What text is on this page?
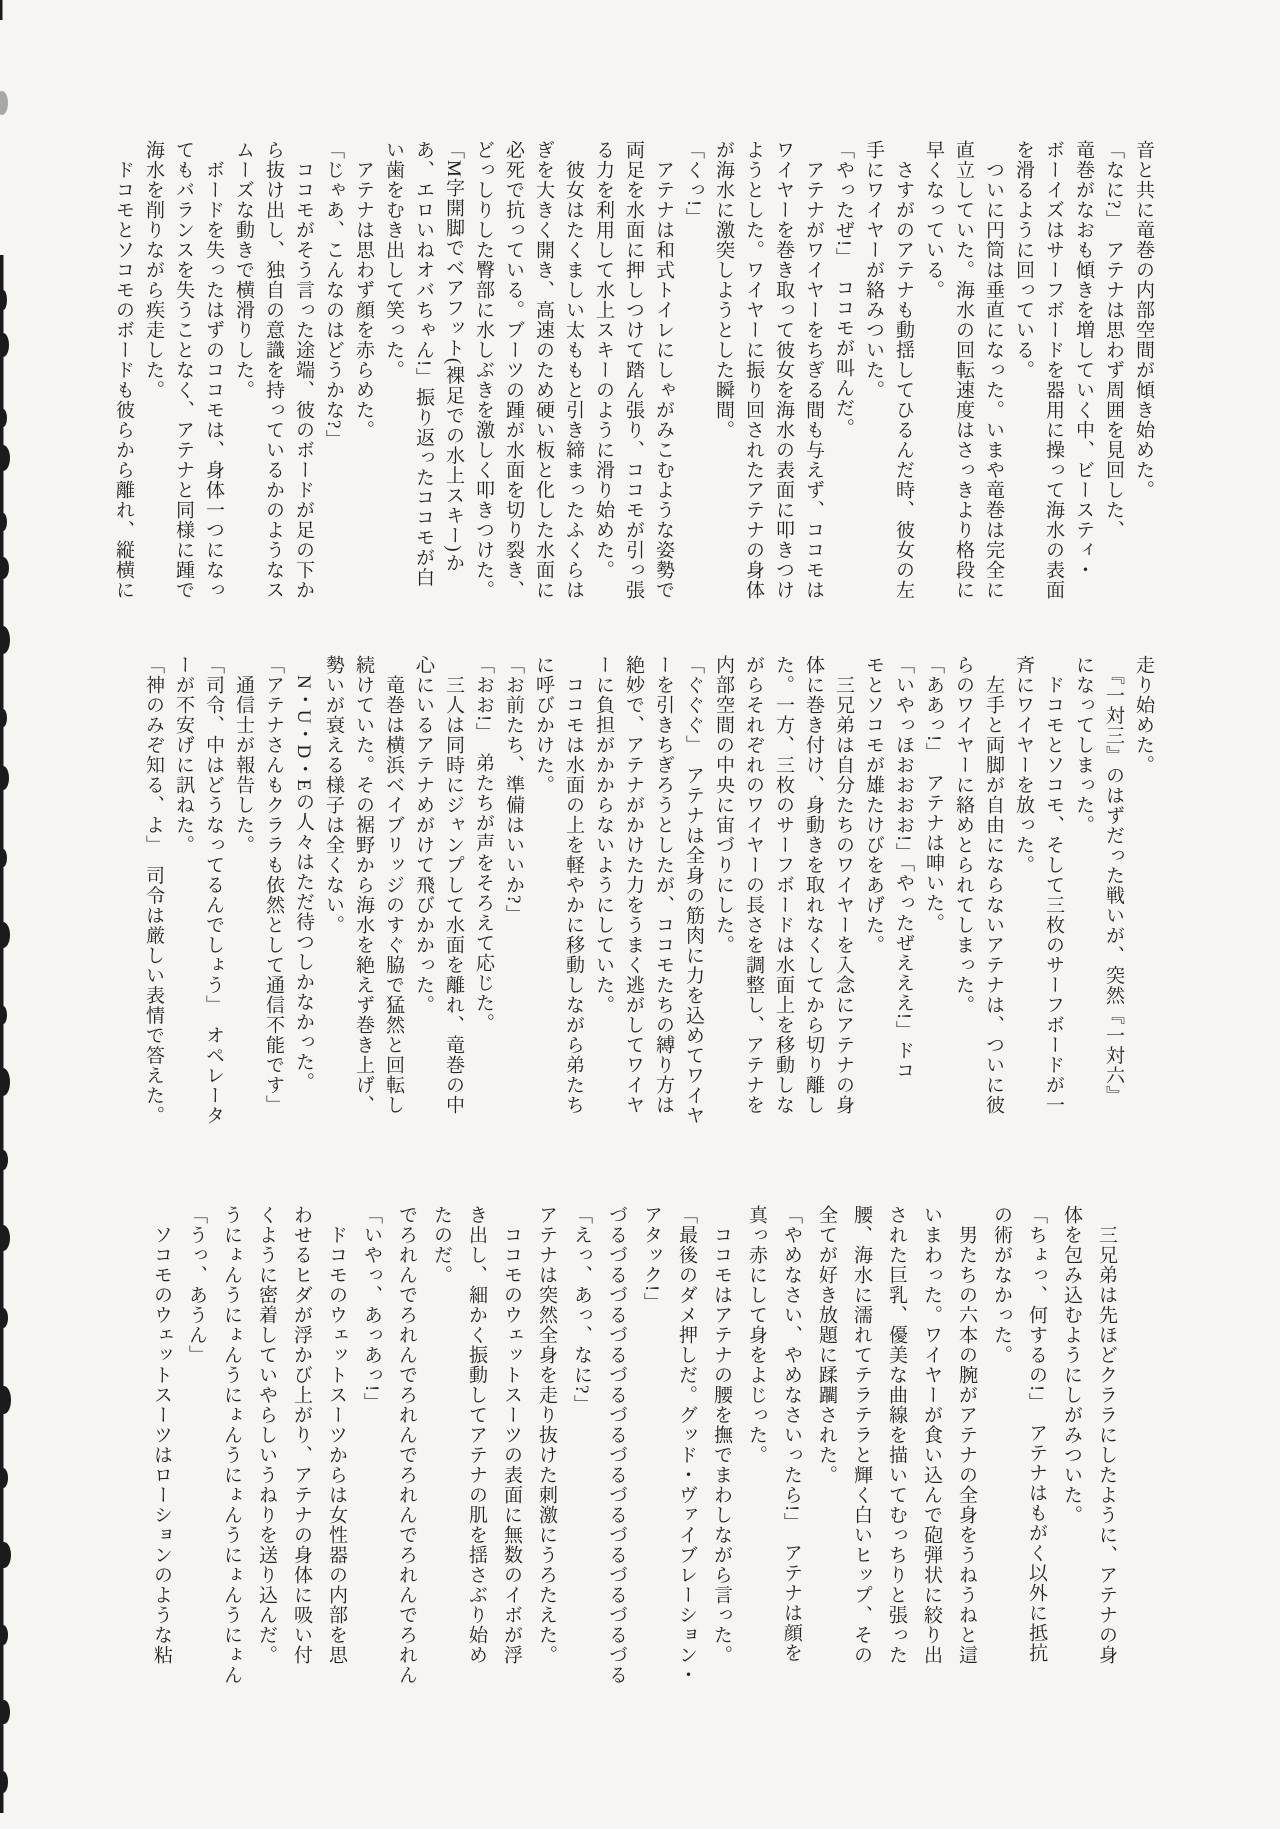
音と共に竜巻の内部空間が傾き始めた。

「なに?」　アテナは思わず周囲を見回した、

竜巻がなおも傾きを増していく中、ビースティ・

ボーイズはサーフボードを器用に操って海水の表面

を滑るように回っている。

　ついに円筒は垂直になった。いまや竜巻は完全に

直立していた。海水の回転速度はさっきより格段に

早くなっている。

　さすがのアテナも動揺してひるんだ時、彼女の左

手にワイヤーが絡みついた。

「やったぜ!」　ココモが叫んだ。

　アテナがワイヤーをちぎる間も与えず、ココモは

ワイヤーを巻き取って彼女を海水の表面に叩きつけ

ようとした。ワイヤーに振り回されたアテナの身体

が海水に激突しようとした瞬間。

「くっ!」

　アテナは和式トイレにしゃがみこむような姿勢で

両足を水面に押しつけて踏ん張り、ココモが引っ張

る力を利用して水上スキーのように滑り始めた。

　彼女はたくましい太ももと引き締まったふくらは

ぎを大きく開き、高速のため硬い板と化した水面に

必死で抗っている。ブーツの踵が水面を切り裂き、

どっしりした臀部に水しぶきを激しく叩きつけた。

「M字開脚でベアフット(裸足での水上スキー)か

あ、エロいねオバちゃん!」振り返ったココモが白

い歯をむき出して笑った。

　アテナは思わず顔を赤らめた。

「じゃあ、こんなのはどうかな?」

　ココモがそう言った途端、彼のボードが足の下か

ら抜け出し、独自の意識を持っているかのようなス

ムーズな動きで横滑りした。

　ボードを失ったはずのココモは、身体一つになっ

てもバランスを失うことなく、アテナと同様に踵で

海水を削りながら疾走した。

　ドコモとソコモのボードも彼らから離れ、縦横に

走り始めた。

　『一対三』のはずだった戦いが、突然『一対六』

になってしまった。

　ドコモとソコモ、そして三枚のサーフボードが一

斉にワイヤーを放った。

　左手と両脚が自由にならないアテナは、ついに彼

らのワイヤーに絡めとられてしまった。

「ああっ!」　アテナは呻いた。

「いやっほおおおお!」「やったぜえええ!」ドコ

モとソコモが雄たけびをあげた。

　三兄弟は自分たちのワイヤーを入念にアテナの身

体に巻き付け、身動きを取れなくしてから切り離し

た。一方、三枚のサーフボードは水面上を移動しな

がらそれぞれのワイヤーの長さを調整し、アテナを

内部空間の中央に宙づりにした。

「ぐぐぐ」　アテナは全身の筋肉に力を込めてワイヤ

ーを引きちぎろうとしたが、ココモたちの縛り方は

絶妙で、アテナがかけた力をうまく逃がしてワイヤ

ーに負担がかからないようにしていた。

　ココモは水面の上を軽やかに移動しながら弟たち

に呼びかけた。

「お前たち、準備はいいか?」

「おお!」　弟たちが声をそろえて応じた。

　三人は同時にジャンプして水面を離れ、竜巻の中

心にいるアテナめがけて飛びかかった。

　竜巻は横浜ベイブリッジのすぐ脇で猛然と回転し

続けていた。その裾野から海水を絶えず巻き上げ、

勢いが衰える様子は全くない。

　N・U・D・Eの人々はただ待つしかなかった。

「アテナさんもクララも依然として通信不能です」

　通信士が報告した。

「司令、中はどうなってるんでしょう」　オペレータ

ーが不安げに訊ねた。

「神のみぞ知る、よ」　司令は厳しい表情で答えた。

　三兄弟は先ほどクララにしたように、アテナの身

体を包み込むようにしがみついた。

「ちょっ、何するの!」　アテナはもがく以外に抵抗

の術がなかった。

　男たちの六本の腕がアテナの全身をうねうねと這

いまわった。ワイヤーが食い込んで砲弾状に絞り出

された巨乳、優美な曲線を描いてむっちりと張った

腰、海水に濡れてテラテラと輝く白いヒップ、その

全てが好き放題に蹂躙された。

「やめなさい、やめなさいったら!」　アテナは顔を

真っ赤にして身をよじった。

　ココモはアテナの腰を撫でまわしながら言った。

「最後のダメ押しだ。グッド・ヴァイブレーション・

アタック!」

づるづるづるづるづるづるづるづるづるづるづるづる

「えっ、あっ、なに?」

アテナは突然全身を走り抜けた刺激にうろたえた。

　ココモのウェットスーツの表面に無数のイボが浮

き出し、細かく振動してアテナの肌を揺さぶり始め

たのだ。

でろれんでろれんでろれんでろれんでろれんでろれん

「いやっ、あっあっ!」

　ドコモのウェットスーツからは女性器の内部を思

わせるヒダが浮かび上がり、アテナの身体に吸い付

くように密着していやらしいうねりを送り込んだ。

うにょんうにょんうにょんうにょんうにょんうにょん

「うっ、あうん」

　ソコモのウェットスーツはローションのような粘
